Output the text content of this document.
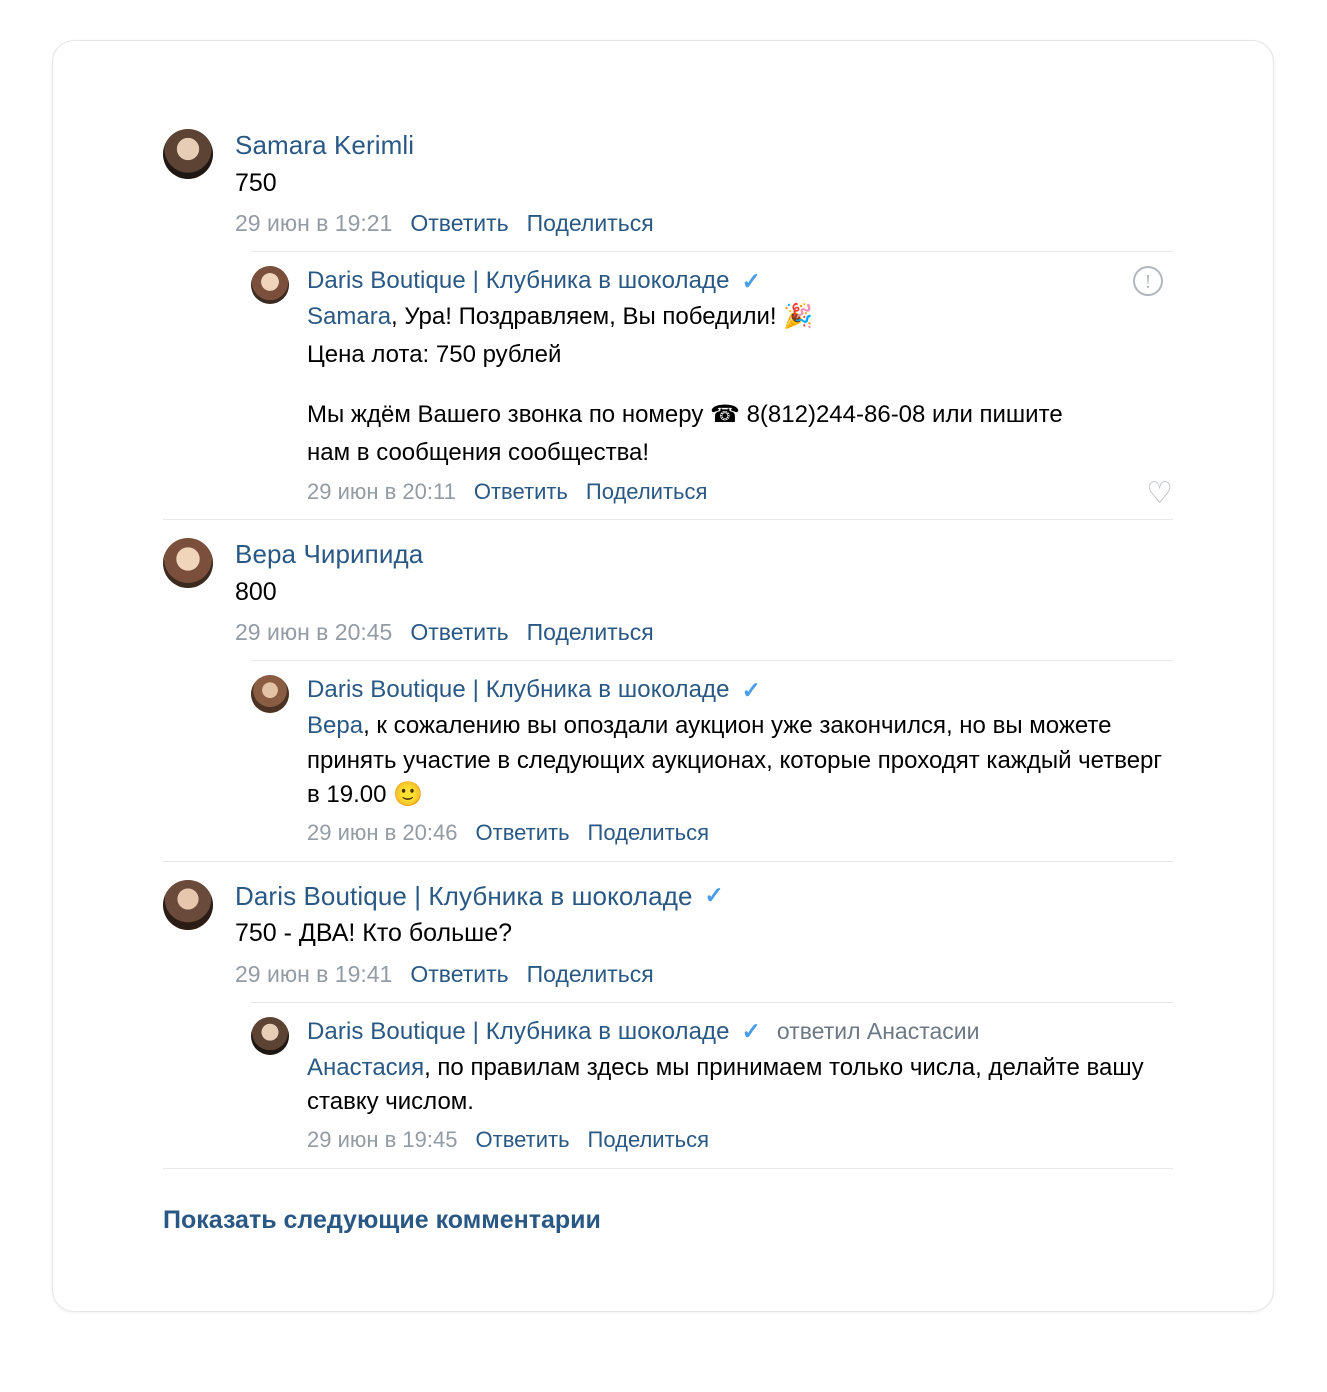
Samara Kerimli
750
29 июн в 19:21 Ответить Поделиться
Daris Boutique | Клубника в шоколаде ✓
Samara, Ура! Поздравляем, Вы победили! 🎉
Цена лота: 750 рублей
Мы ждём Вашего звонка по номеру ☎ 8(812)244-86-08 или пишите
нам в сообщения сообщества!
29 июн в 20:11 Ответить Поделиться
!
♡
Вера Чирипида
800
29 июн в 20:45 Ответить Поделиться
Daris Boutique | Клубника в шоколаде ✓
Вера, к сожалению вы опоздали аукцион уже закончился, но вы можете принять участие в следующих аукционах, которые проходят каждый четверг в 19.00 🙂
29 июн в 20:46 Ответить Поделиться
Daris Boutique | Клубника в шоколаде ✓
750 - ДВА! Кто больше?
29 июн в 19:41 Ответить Поделиться
Daris Boutique | Клубника в шоколаде ✓ ответил Анастасии
Анастасия, по правилам здесь мы принимаем только числа, делайте вашу ставку числом.
29 июн в 19:45 Ответить Поделиться
Показать следующие комментарии
